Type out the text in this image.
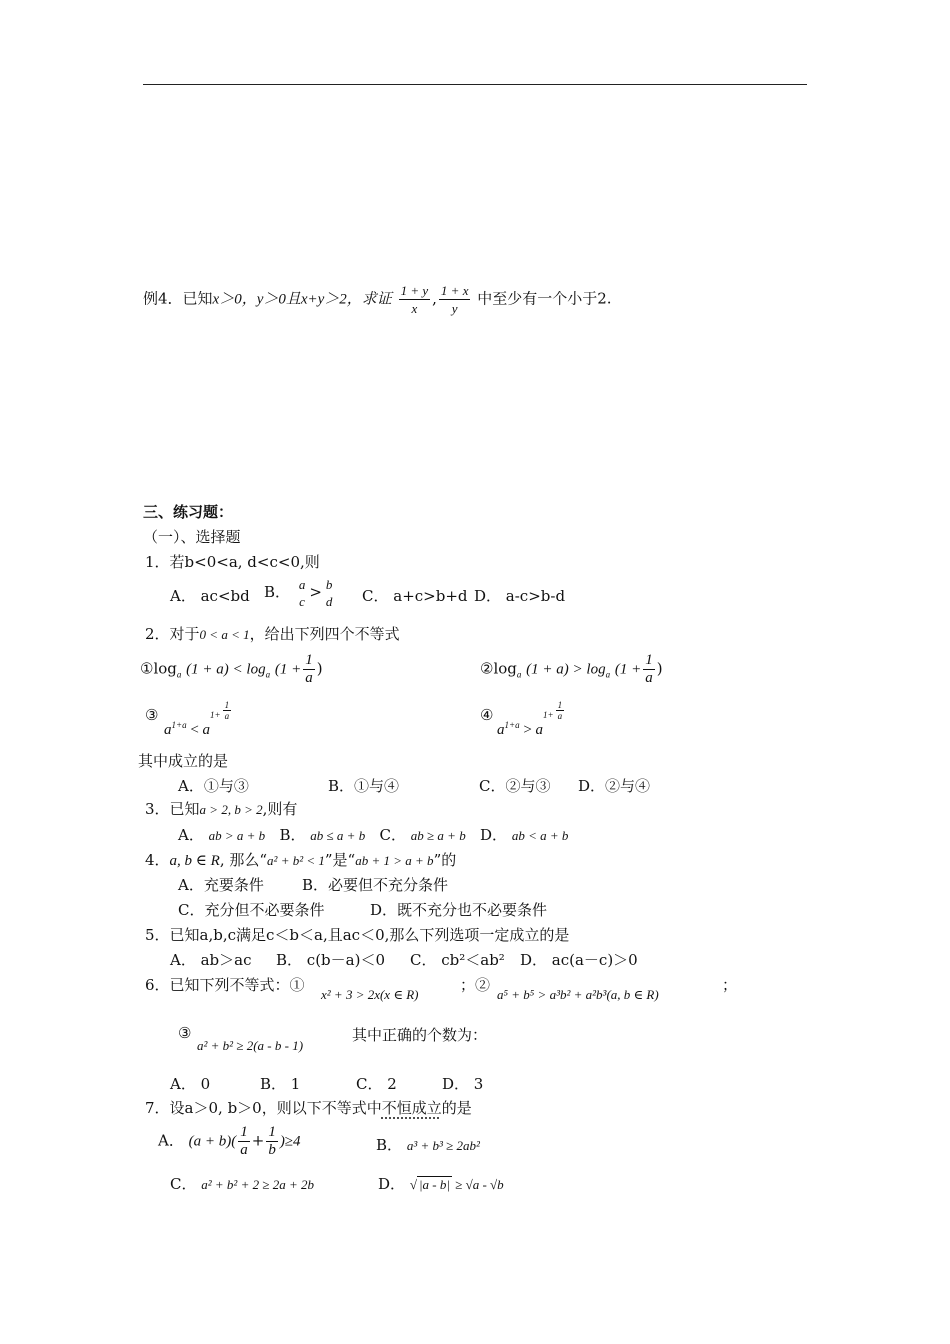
例4．已知x＞0，y＞0且x+y＞2，求证 $\frac{1 + y}{x}$ , $\frac{1 + x}{y}$ 中至少有一个小于2.
三、练习题：
（一）、选择题
1．若b<0<a, d<c<0,则
A． ac<bd B． a
c
> b
d C． a+c>b+d D． a-c>b-d
2．对于0 < a < 1，给出下列四个不等式
$①\log_a$ $(1 + a) < \log_a (1 + \frac{1}{a}$ )	$②\log_a$ $(1 + a) > \log_a (1 + \frac{1}{a}$ )
③
$a^{1+a} < a1+ \frac{1}{a}$	④
$a^{1+a} > a1+ \frac{1}{a}$
其中成立的是
A．①与③	B．①与④	C．②与③ D．②与④
3．已知a > 2, b > 2,则有
A． ab > a + b B． ab ≤ a + b C． ab ≥ a + b D． ab < a + b
4．a, b ∈ R, 那么“a² + b² < 1”是“ab + 1 > a + b”的
A．充要条件	B．必要但不充分条件
C．充分但不必要条件	D．既不充分也不必要条件
5．已知a,b,c满足c＜b＜a,且ac＜0,那么下列选项一定成立的是
A． ab＞ac B． c(b－a)＜0 C． cb²＜ab² D． ac(a－c)＞0
6．已知下列不等式：①
x² + 3 > 2x(x ∈ R)
；②
a⁵ + b⁵ > a³b² + a²b³(a, b ∈ R)
；
③
a² + b² ≥ 2(a - b - 1)
其中正确的个数为：
A． 0	B． 1	C． 2	D． 3
7．设a＞0, b＞0，则以下不等式中不恒成立的是
A． $(a + b)( \frac{1}{a} + \frac{1}{b} )\ge 4$	B． a³ + b³ ≥ 2ab²
C． a² + b² + 2 ≥ 2a + 2b	D． √ |a - b| ≥ √a - √b
